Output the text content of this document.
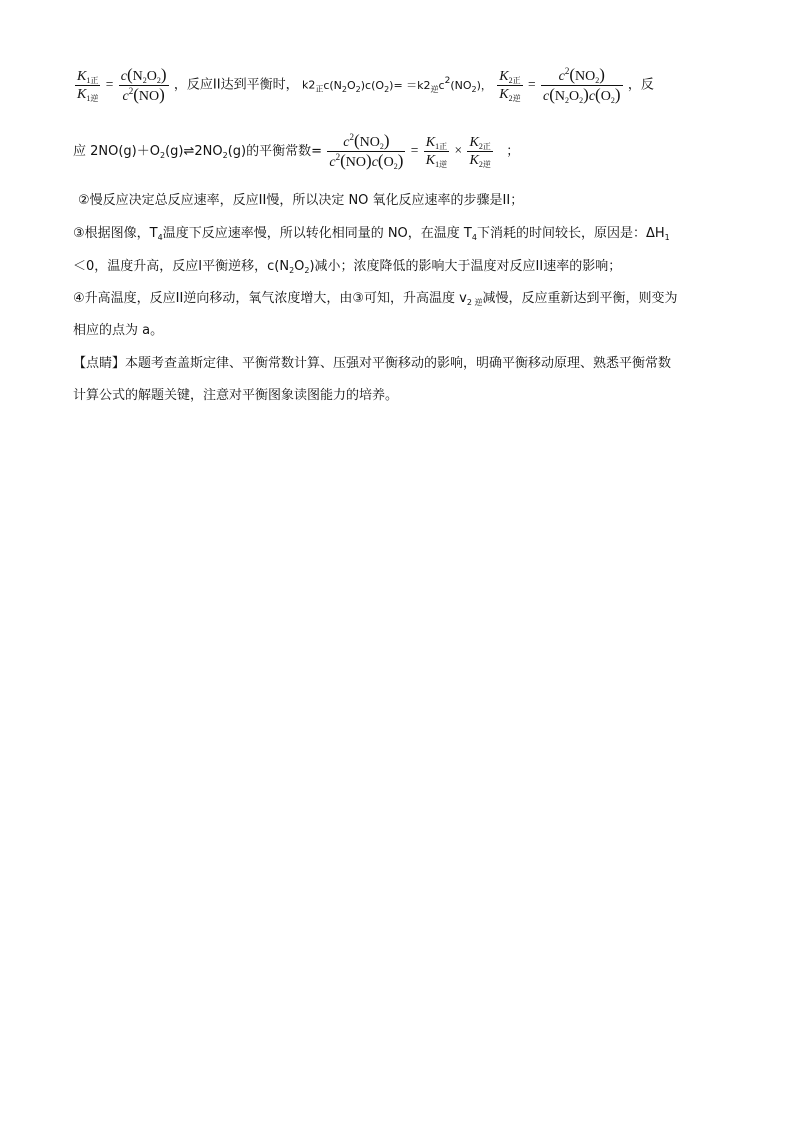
$\frac{K_{1正}}{K_{1逆}} = \frac{c(N_2O_2)}{c^2(NO)}$ ，反应II达到平衡时， $k2_正c(N_2O_2)c(O_2)= =k2_逆c^2(NO_2)$， $\frac{K_{2正}}{K_{2逆}} = \frac{c^2(NO_2)}{c(N_2O_2)c(O_2)}$ ，反
应 $2NO(g)+O_2(g)\rightleftharpoons 2NO_2(g)$的平衡常数= $\frac{c^2(NO_2)}{c^2(NO)c(O_2)} = \frac{K_{1正}}{K_{1逆}} \times \frac{K_{2正}}{K_{2逆}}$ ；
②慢反应决定总反应速率，反应II慢，所以决定 NO 氧化反应速率的步骤是II；
③根据图像，$T_4$温度下反应速率慢，所以转化相同量的 NO，在温度 $T_4$下消耗的时间较长，原因是：$\Delta H_1$
＜0，温度升高，反应I平衡逆移，$c(N_2O_2)$减小；浓度降低的影响大于温度对反应II速率的影响；
④升高温度，反应II逆向移动，氧气浓度增大，由③可知，升高温度 $v_{2 逆}$减慢，反应重新达到平衡，则变为
相应的点为 a。
【点睛】本题考查盖斯定律、平衡常数计算、压强对平衡移动的影响，明确平衡移动原理、熟悉平衡常数
计算公式的解题关键，注意对平衡图象读图能力的培养。
